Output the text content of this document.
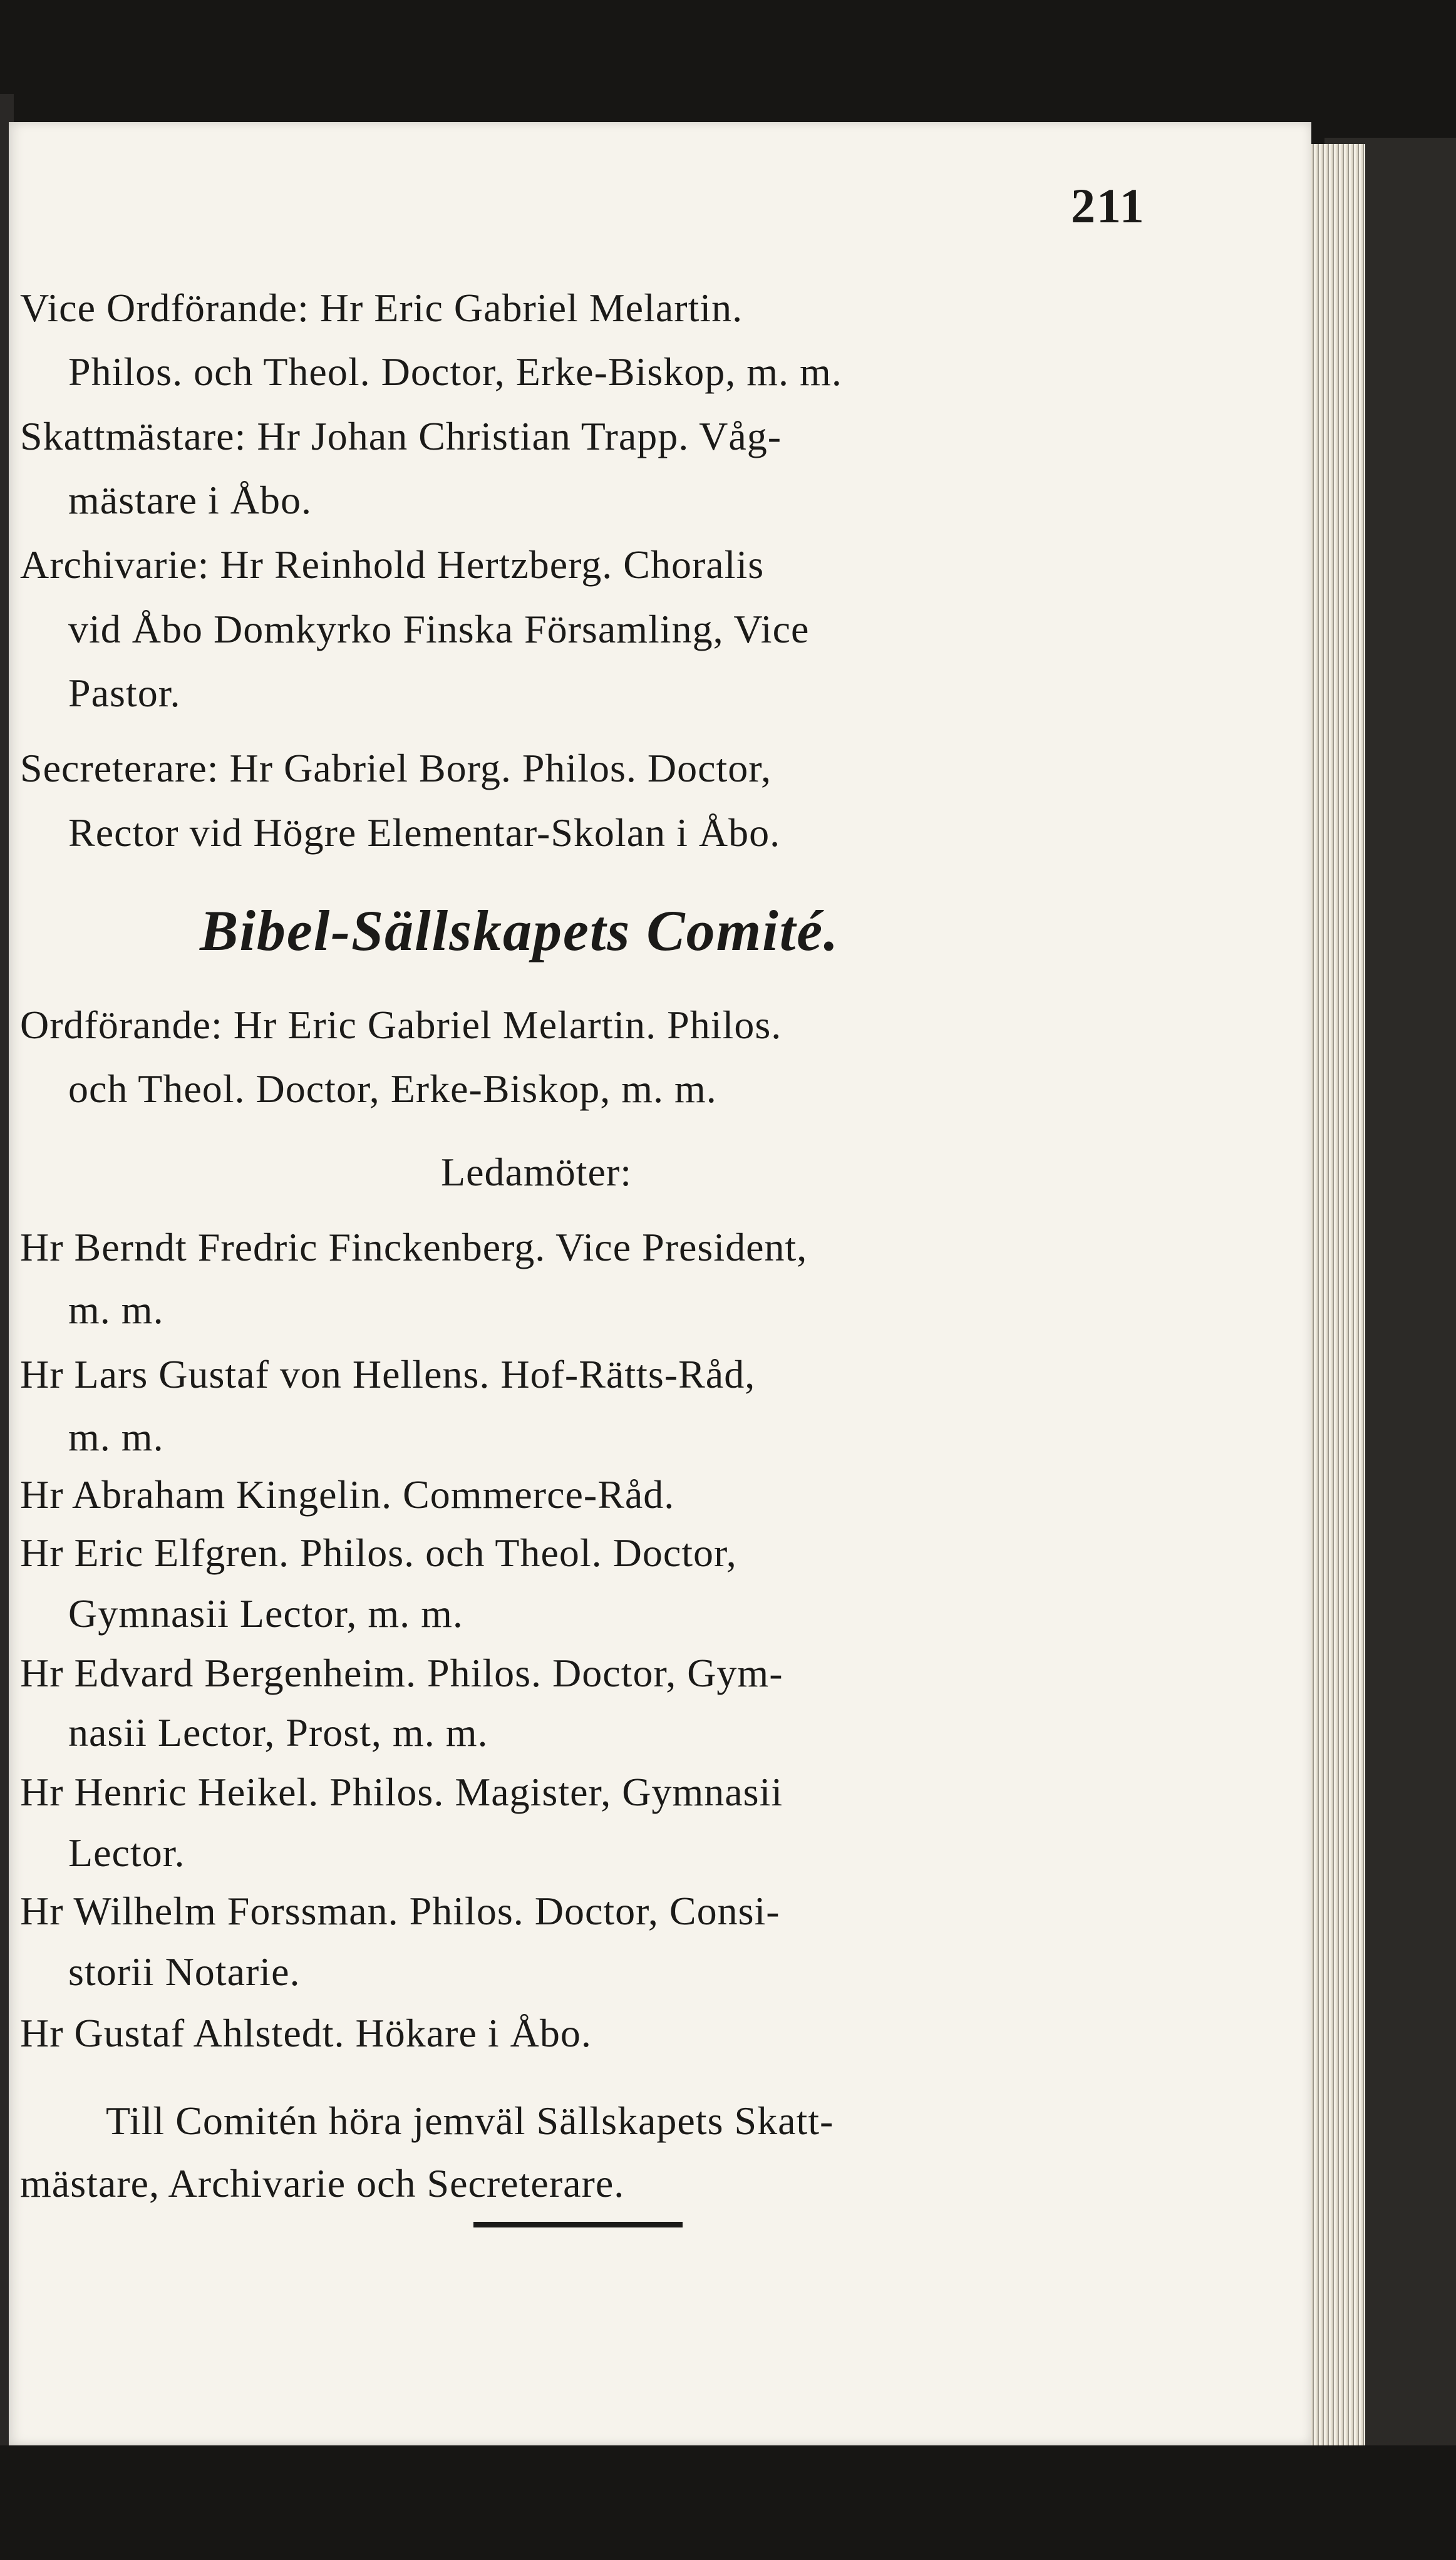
211

Vice Ordförande: Hr Eric Gabriel Melartin.

Philos. och Theol. Doctor, Erke-Biskop, m. m.

Skattmästare: Hr Johan Christian Trapp. Våg-

mästare i Åbo.

Archivarie: Hr Reinhold Hertzberg. Choralis

vid Åbo Domkyrko Finska Församling, Vice

Pastor.

Secreterare: Hr Gabriel Borg. Philos. Doctor,

Rector vid Högre Elementar-Skolan i Åbo.

Bibel-Sällskapets Comité.

Ordförande: Hr Eric Gabriel Melartin. Philos.

och Theol. Doctor, Erke-Biskop, m. m.

Ledamöter:

Hr Berndt Fredric Finckenberg. Vice President,

m. m.

Hr Lars Gustaf von Hellens. Hof-Rätts-Råd,

m. m.

Hr Abraham Kingelin. Commerce-Råd.

Hr Eric Elfgren. Philos. och Theol. Doctor,

Gymnasii Lector, m. m.

Hr Edvard Bergenheim. Philos. Doctor, Gym-

nasii Lector, Prost, m. m.

Hr Henric Heikel. Philos. Magister, Gymnasii

Lector.

Hr Wilhelm Forssman. Philos. Doctor, Consi-

storii Notarie.

Hr Gustaf Ahlstedt. Hökare i Åbo.

Till Comitén höra jemväl Sällskapets Skatt-

mästare, Archivarie och Secreterare.
